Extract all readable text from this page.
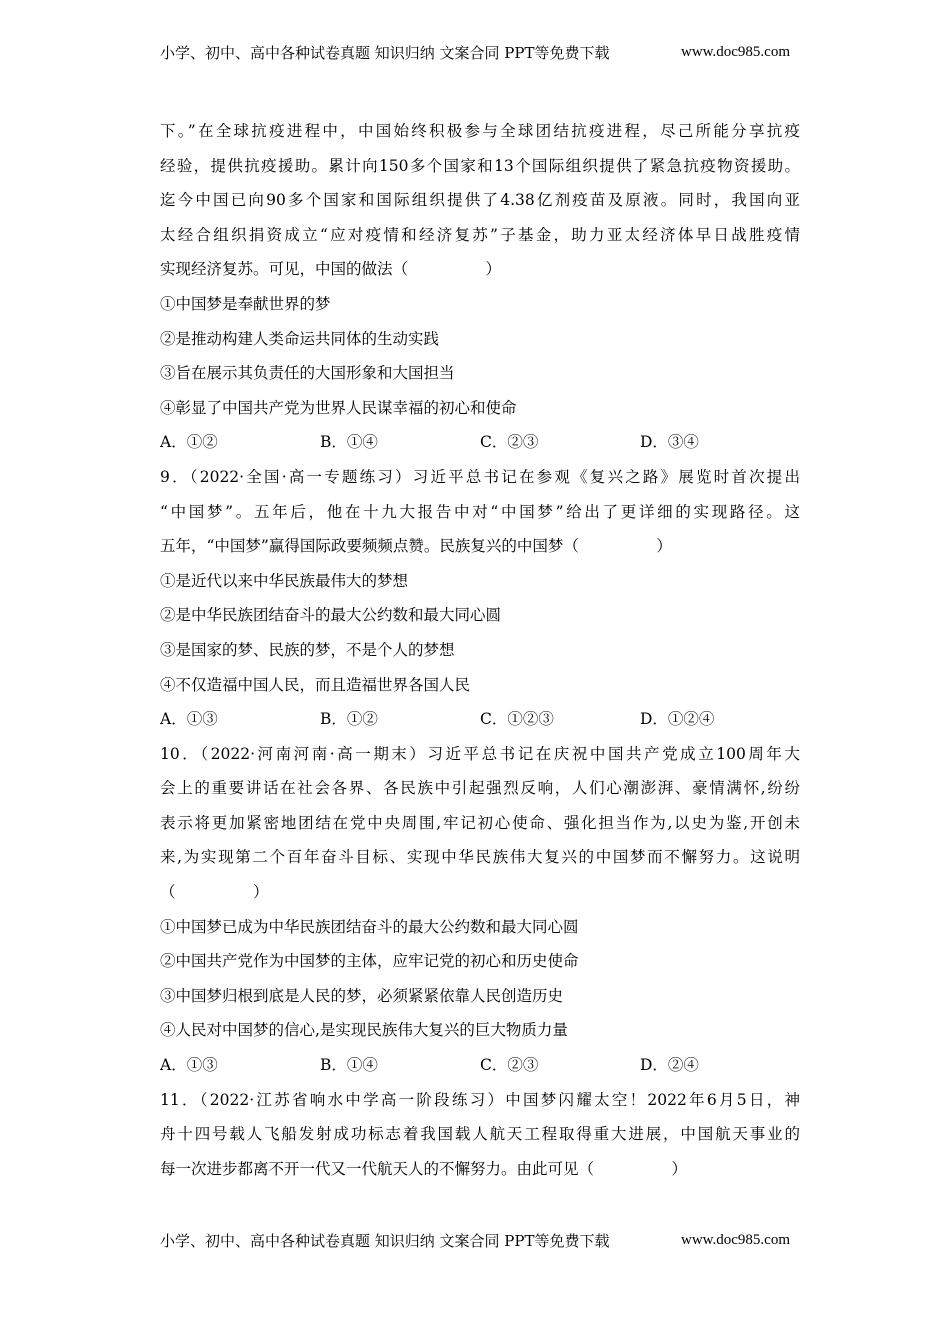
小学、初中、高中各种试卷真题 知识归纳 文案合同 PPT等免费下载	www.doc985.com
下。”在全球抗疫进程中，中国始终积极参与全球团结抗疫进程，尽己所能分享抗疫
经验，提供抗疫援助。累计向150多个国家和13个国际组织提供了紧急抗疫物资援助。
迄今中国已向90多个国家和国际组织提供了4.38亿剂疫苗及原液。同时，我国向亚
太经合组织捐资成立“应对疫情和经济复苏”子基金，助力亚太经济体早日战胜疫情
实现经济复苏。可见，中国的做法（　　　　　）
①中国梦是奉献世界的梦
②是推动构建人类命运共同体的生动实践
③旨在展示其负责任的大国形象和大国担当
④彰显了中国共产党为世界人民谋幸福的初心和使命
A．①②	B．①④	C．②③	D．③④
9．（2022·全国·高一专题练习）习近平总书记在参观《复兴之路》展览时首次提出
“中国梦”。五年后，他在十九大报告中对“中国梦”给出了更详细的实现路径。这
五年，“中国梦”赢得国际政要频频点赞。民族复兴的中国梦（　　　　　）
①是近代以来中华民族最伟大的梦想
②是中华民族团结奋斗的最大公约数和最大同心圆
③是国家的梦、民族的梦，不是个人的梦想
④不仅造福中国人民，而且造福世界各国人民
A．①③	B．①②	C．①②③	D．①②④
10．（2022·河南河南·高一期末）习近平总书记在庆祝中国共产党成立100周年大
会上的重要讲话在社会各界、各民族中引起强烈反响，人们心潮澎湃、豪情满怀,纷纷
表示将更加紧密地团结在党中央周围,牢记初心使命、强化担当作为,以史为鉴,开创未
来,为实现第二个百年奋斗目标、实现中华民族伟大复兴的中国梦而不懈努力。这说明
（　　　　　）
①中国梦已成为中华民族团结奋斗的最大公约数和最大同心圆
②中国共产党作为中国梦的主体，应牢记党的初心和历史使命
③中国梦归根到底是人民的梦，必须紧紧依靠人民创造历史
④人民对中国梦的信心,是实现民族伟大复兴的巨大物质力量
A．①③	B．①④	C．②③	D．②④
11．（2022·江苏省响水中学高一阶段练习）中国梦闪耀太空！2022年6月5日，神
舟十四号载人飞船发射成功标志着我国载人航天工程取得重大进展，中国航天事业的
每一次进步都离不开一代又一代航天人的不懈努力。由此可见（　　　　　）
小学、初中、高中各种试卷真题 知识归纳 文案合同 PPT等免费下载	www.doc985.com
